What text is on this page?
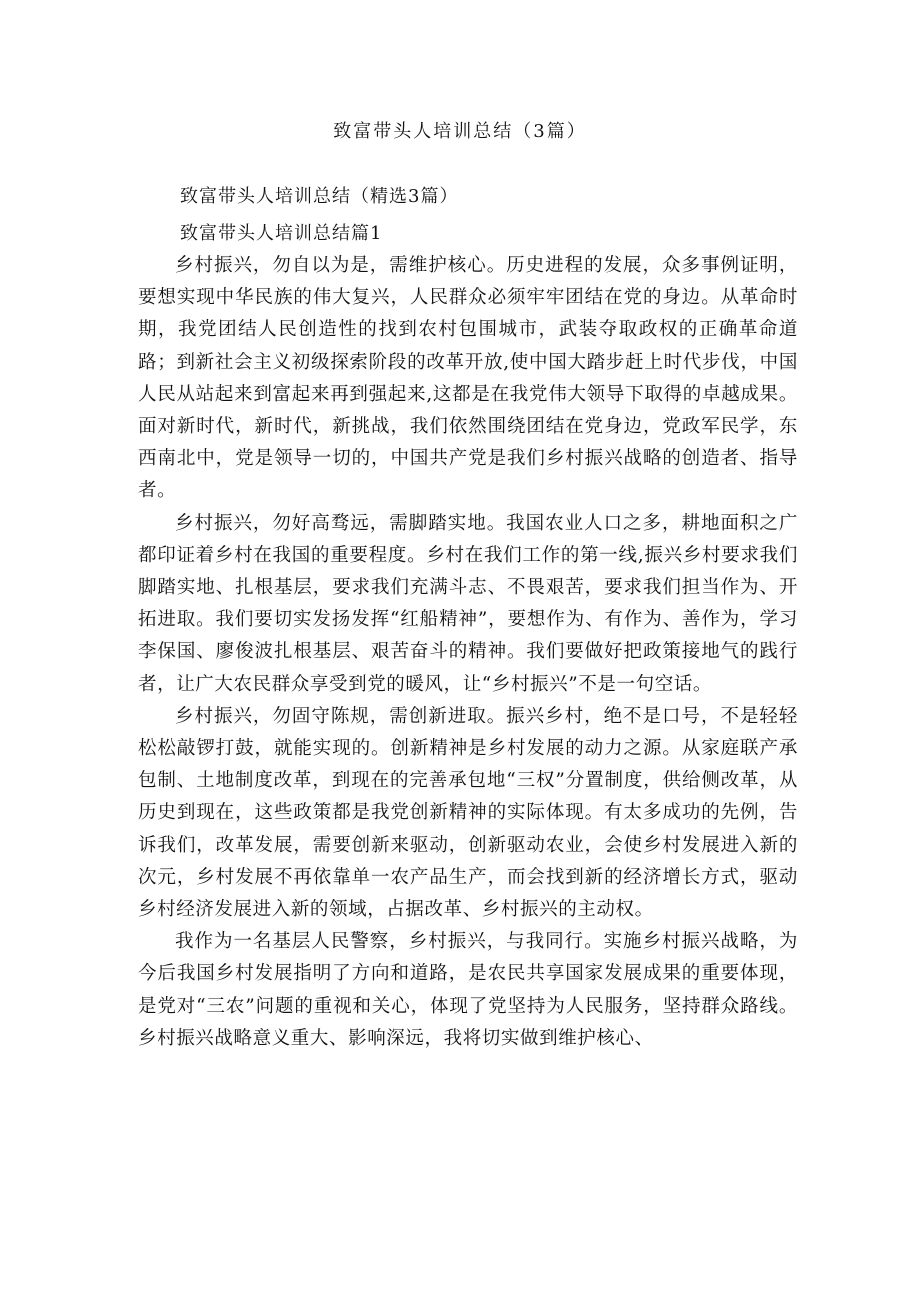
致富带头人培训总结（3篇）
致富带头人培训总结（精选3篇）
致富带头人培训总结篇1

乡村振兴，勿自以为是，需维护核心。历史进程的发展，众多事例证明，要想实现中华民族的伟大复兴，人民群众必须牢牢团结在党的身边。从革命时期，我党团结人民创造性的找到农村包围城市，武装夺取政权的正确革命道路；到新社会主义初级探索阶段的改革开放,使中国大踏步赶上时代步伐，中国人民从站起来到富起来再到强起来,这都是在我党伟大领导下取得的卓越成果。面对新时代，新时代，新挑战，我们依然围绕团结在党身边，党政军民学，东西南北中，党是领导一切的，中国共产党是我们乡村振兴战略的创造者、指导者。

乡村振兴，勿好高骛远，需脚踏实地。我国农业人口之多，耕地面积之广都印证着乡村在我国的重要程度。乡村在我们工作的第一线,振兴乡村要求我们脚踏实地、扎根基层，要求我们充满斗志、不畏艰苦，要求我们担当作为、开拓进取。我们要切实发扬发挥“红船精神”，要想作为、有作为、善作为，学习李保国、廖俊波扎根基层、艰苦奋斗的精神。我们要做好把政策接地气的践行者，让广大农民群众享受到党的暖风，让“乡村振兴”不是一句空话。

乡村振兴，勿固守陈规，需创新进取。振兴乡村，绝不是口号，不是轻轻松松敲锣打鼓，就能实现的。创新精神是乡村发展的动力之源。从家庭联产承包制、土地制度改革，到现在的完善承包地“三权”分置制度，供给侧改革，从历史到现在，这些政策都是我党创新精神的实际体现。有太多成功的先例，告诉我们，改革发展，需要创新来驱动，创新驱动农业，会使乡村发展进入新的次元，乡村发展不再依靠单一农产品生产，而会找到新的经济增长方式，驱动乡村经济发展进入新的领域，占据改革、乡村振兴的主动权。

我作为一名基层人民警察，乡村振兴，与我同行。实施乡村振兴战略，为今后我国乡村发展指明了方向和道路，是农民共享国家发展成果的重要体现，是党对“三农”问题的重视和关心，体现了党坚持为人民服务，坚持群众路线。乡村振兴战略意义重大、影响深远，我将切实做到维护核心、
